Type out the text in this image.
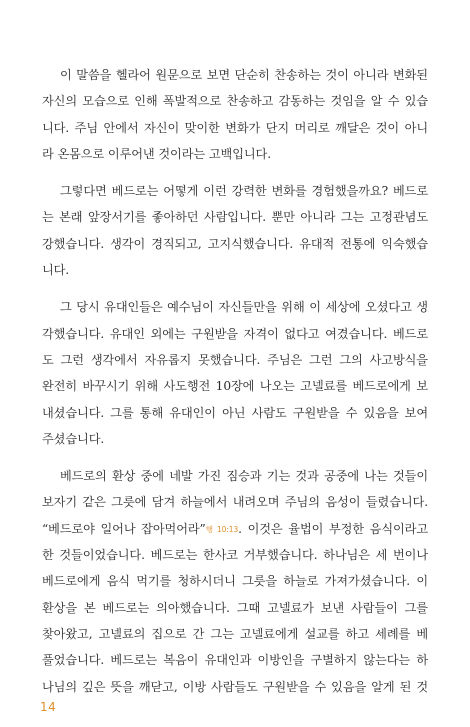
이 말씀을 헬라어 원문으로 보면 단순히 찬송하는 것이 아니라 변화된
자신의 모습으로 인해 폭발적으로 찬송하고 감동하는 것임을 알 수 있습
니다. 주님 안에서 자신이 맞이한 변화가 단지 머리로 깨달은 것이 아니
라 온몸으로 이루어낸 것이라는 고백입니다.
그렇다면 베드로는 어떻게 이런 강력한 변화를 경험했을까요? 베드로
는 본래 앞장서기를 좋아하던 사람입니다. 뿐만 아니라 그는 고정관념도
강했습니다. 생각이 경직되고, 고지식했습니다. 유대적 전통에 익숙했습
니다.
그 당시 유대인들은 예수님이 자신들만을 위해 이 세상에 오셨다고 생
각했습니다. 유대인 외에는 구원받을 자격이 없다고 여겼습니다. 베드로
도 그런 생각에서 자유롭지 못했습니다. 주님은 그런 그의 사고방식을
완전히 바꾸시기 위해 사도행전 10장에 나오는 고넬료를 베드로에게 보
내셨습니다. 그를 통해 유대인이 아닌 사람도 구원받을 수 있음을 보여
주셨습니다.
베드로의 환상 중에 네발 가진 짐승과 기는 것과 공중에 나는 것들이
보자기 같은 그릇에 담겨 하늘에서 내려오며 주님의 음성이 들렸습니다.
“베드로야 일어나 잡아먹어라”행 10:13. 이것은 율법이 부정한 음식이라고
한 것들이었습니다. 베드로는 한사코 거부했습니다. 하나님은 세 번이나
베드로에게 음식 먹기를 청하시더니 그릇을 하늘로 가져가셨습니다. 이
환상을 본 베드로는 의아했습니다. 그때 고넬료가 보낸 사람들이 그를
찾아왔고, 고넬료의 집으로 간 그는 고넬료에게 설교를 하고 세례를 베
풀었습니다. 베드로는 복음이 유대인과 이방인을 구별하지 않는다는 하
나님의 깊은 뜻을 깨닫고, 이방 사람들도 구원받을 수 있음을 알게 된 것
14
